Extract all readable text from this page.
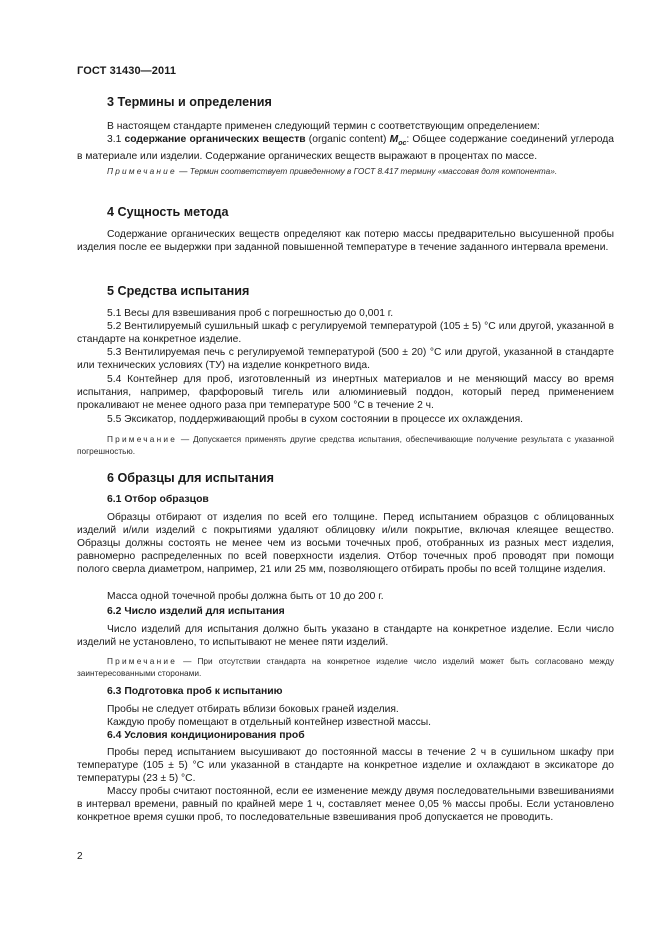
ГОСТ 31430—2011
3 Термины и определения
В настоящем стандарте применен следующий термин с соответствующим определением:
3.1 содержание органических веществ (organic content) $M_{oc}$: Общее содержание соединений углерода в материале или изделии. Содержание органических веществ выражают в процентах по массе.
Примечание — Термин соответствует приведенному в ГОСТ 8.417 термину «массовая доля компонента».
4 Сущность метода
Содержание органических веществ определяют как потерю массы предварительно высушенной пробы изделия после ее выдержки при заданной повышенной температуре в течение заданного интервала времени.
5 Средства испытания
5.1 Весы для взвешивания проб с погрешностью до 0,001 г.
5.2 Вентилируемый сушильный шкаф с регулируемой температурой (105 ± 5) °С или другой, указанной в стандарте на конкретное изделие.
5.3 Вентилируемая печь с регулируемой температурой (500 ± 20) °С или другой, указанной в стандарте или технических условиях (ТУ) на изделие конкретного вида.
5.4 Контейнер для проб, изготовленный из инертных материалов и не меняющий массу во время испытания, например, фарфоровый тигель или алюминиевый поддон, который перед применением прокаливают не менее одного раза при температуре 500 °С в течение 2 ч.
5.5 Эксикатор, поддерживающий пробы в сухом состоянии в процессе их охлаждения.
Примечание — Допускается применять другие средства испытания, обеспечивающие получение результата с указанной погрешностью.
6 Образцы для испытания
6.1 Отбор образцов
Образцы отбирают от изделия по всей его толщине. Перед испытанием образцов с облицованных изделий и/или изделий с покрытиями удаляют облицовку и/или покрытие, включая клеящее вещество. Образцы должны состоять не менее чем из восьми точечных проб, отобранных из разных мест изделия, равномерно распределенных по всей поверхности изделия. Отбор точечных проб проводят при помощи полого сверла диаметром, например, 21 или 25 мм, позволяющего отбирать пробы по всей толщине изделия.
Масса одной точечной пробы должна быть от 10 до 200 г.
6.2 Число изделий для испытания
Число изделий для испытания должно быть указано в стандарте на конкретное изделие. Если число изделий не установлено, то испытывают не менее пяти изделий.
Примечание — При отсутствии стандарта на конкретное изделие число изделий может быть согласовано между заинтересованными сторонами.
6.3 Подготовка проб к испытанию
Пробы не следует отбирать вблизи боковых граней изделия.
Каждую пробу помещают в отдельный контейнер известной массы.
6.4 Условия кондиционирования проб
Пробы перед испытанием высушивают до постоянной массы в течение 2 ч в сушильном шкафу при температуре (105 ± 5) °С или указанной в стандарте на конкретное изделие и охлаждают в эксикаторе до температуры (23 ± 5) °С.
Массу пробы считают постоянной, если ее изменение между двумя последовательными взвешиваниями в интервал времени, равный по крайней мере 1 ч, составляет менее 0,05 % массы пробы. Если установлено конкретное время сушки проб, то последовательные взвешивания проб допускается не проводить.
2
